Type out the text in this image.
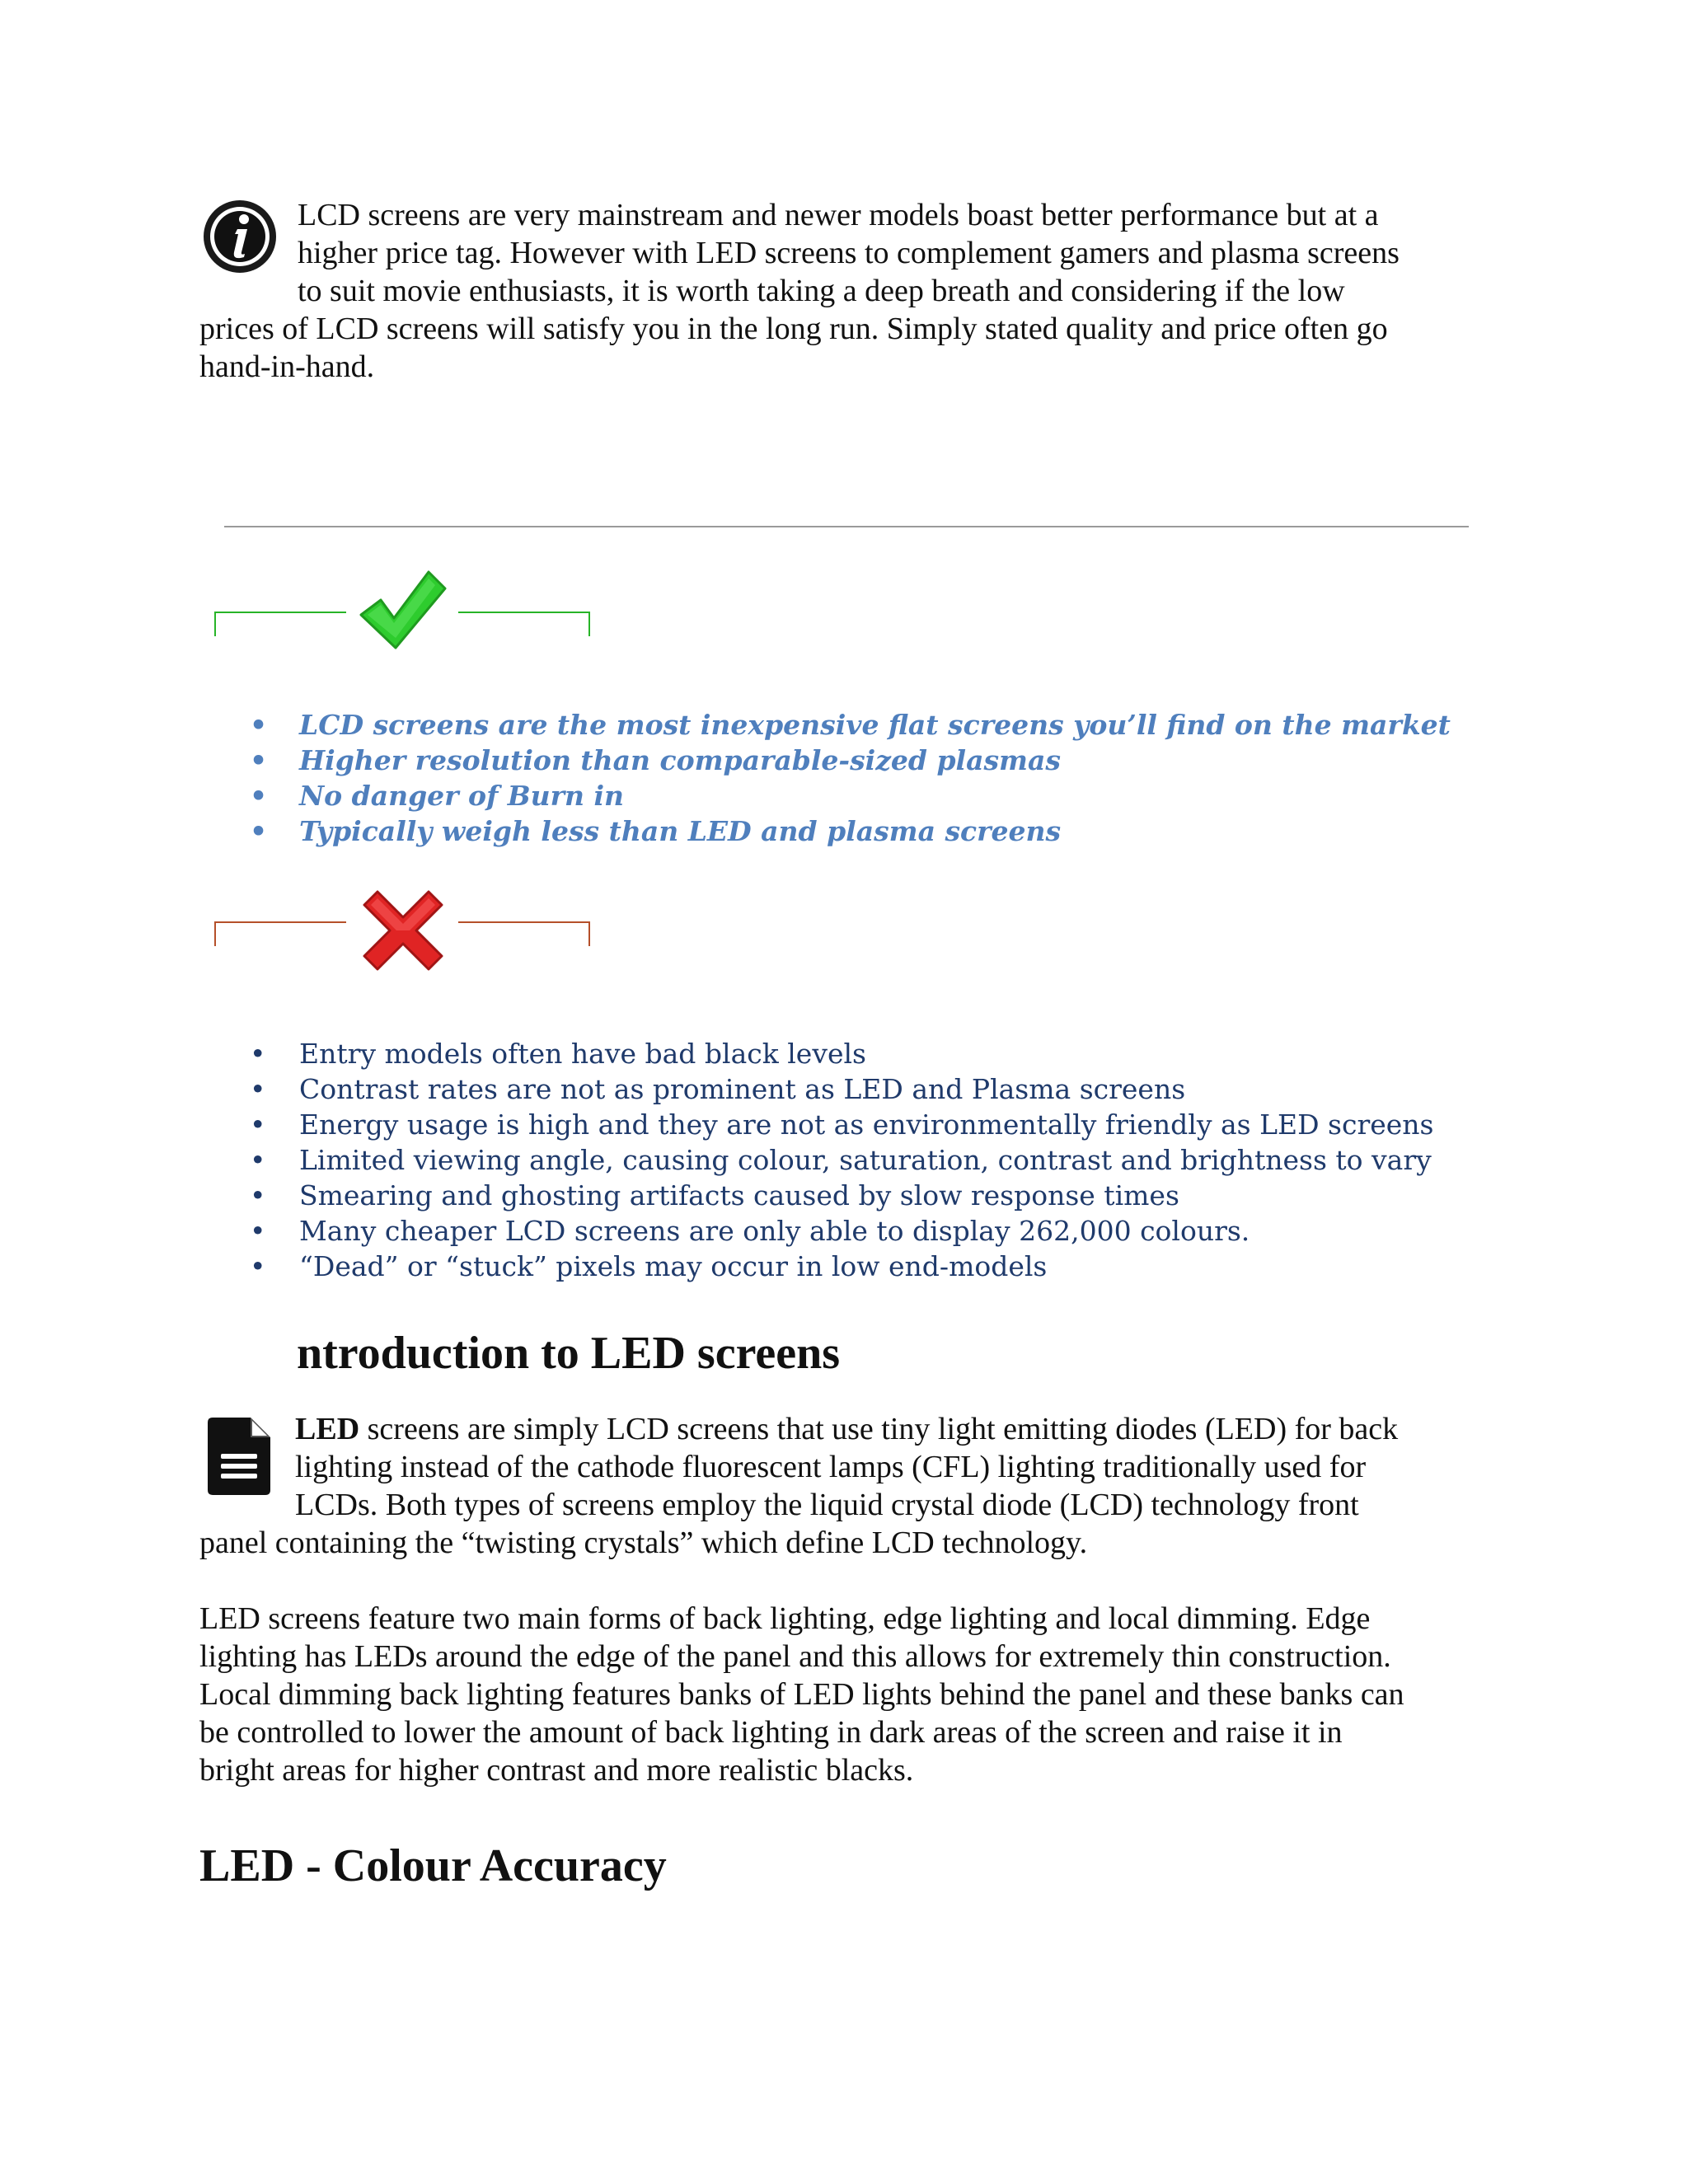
LCD screens are very mainstream and newer models boast better performance but at a
higher price tag. However with LED screens to complement gamers and plasma screens
to suit movie enthusiasts, it is worth taking a deep breath and considering if the low
prices of LCD screens will satisfy you in the long run. Simply stated quality and price often go
hand-in-hand.
• LCD screens are the most inexpensive flat screens you’ll find on the market
• Higher resolution than comparable-sized plasmas
• No danger of Burn in
• Typically weigh less than LED and plasma screens
• Entry models often have bad black levels
• Contrast rates are not as prominent as LED and Plasma screens
• Energy usage is high and they are not as environmentally friendly as LED screens
• Limited viewing angle, causing colour, saturation, contrast and brightness to vary
• Smearing and ghosting artifacts caused by slow response times
• Many cheaper LCD screens are only able to display 262,000 colours.
• “Dead” or “stuck” pixels may occur in low end-models
ntroduction to LED screens
LED screens are simply LCD screens that use tiny light emitting diodes (LED) for back
lighting instead of the cathode fluorescent lamps (CFL) lighting traditionally used for
LCDs. Both types of screens employ the liquid crystal diode (LCD) technology front
panel containing the “twisting crystals” which define LCD technology.
LED screens feature two main forms of back lighting, edge lighting and local dimming. Edge
lighting has LEDs around the edge of the panel and this allows for extremely thin construction.
Local dimming back lighting features banks of LED lights behind the panel and these banks can
be controlled to lower the amount of back lighting in dark areas of the screen and raise it in
bright areas for higher contrast and more realistic blacks.
LED - Colour Accuracy
